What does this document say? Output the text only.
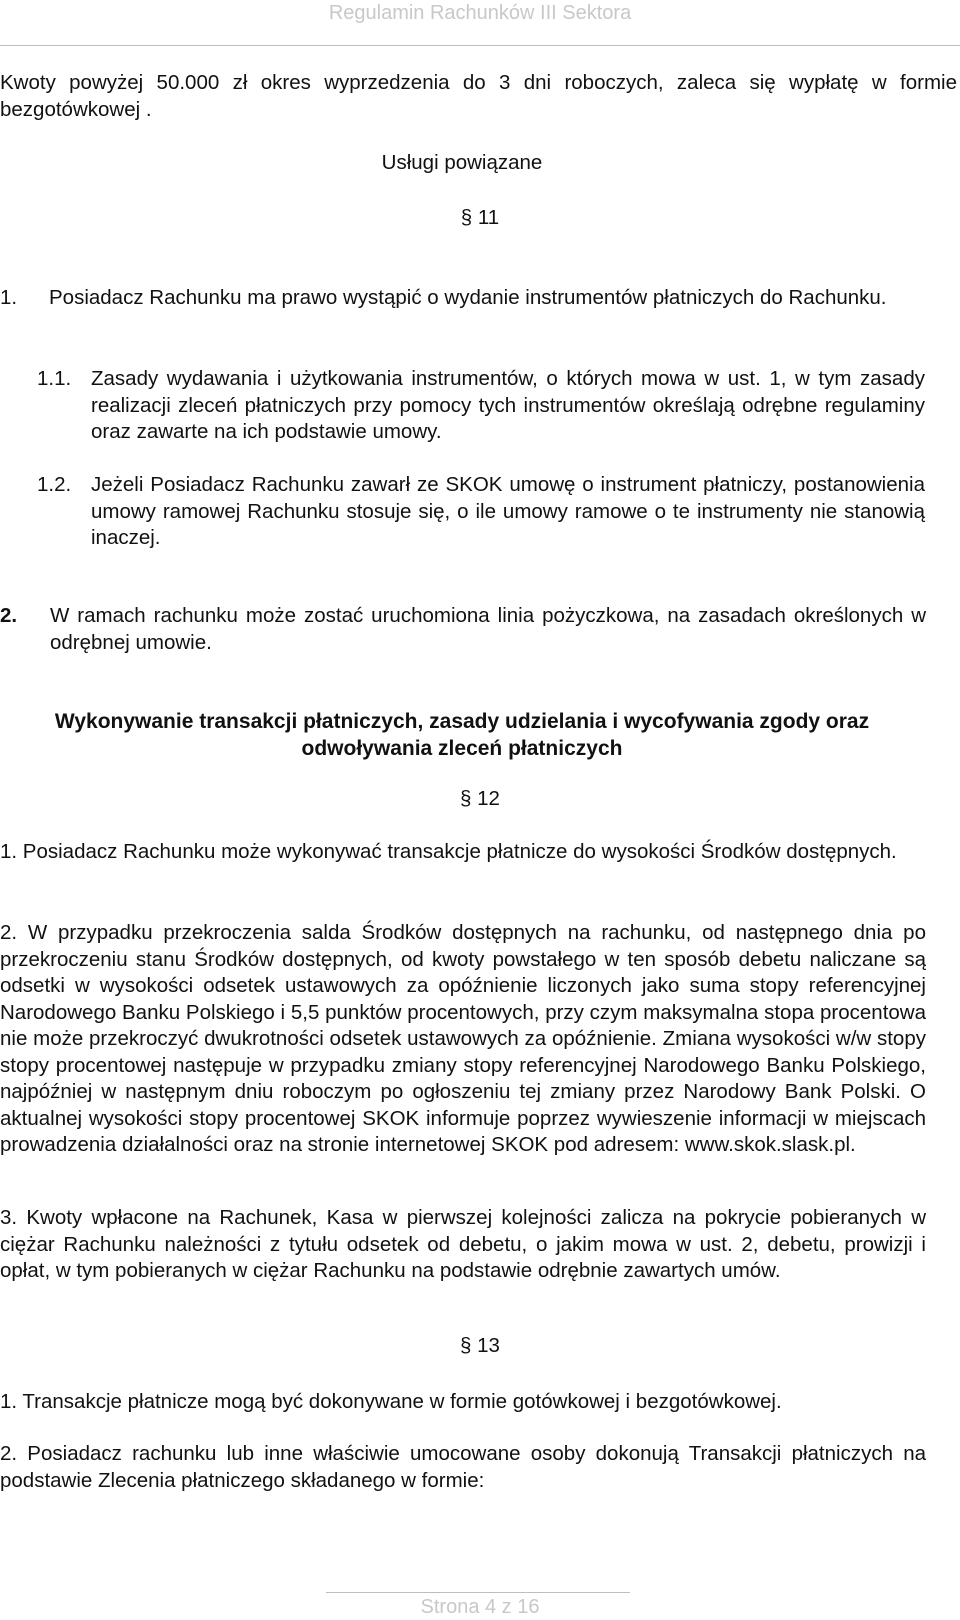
Regulamin Rachunków III Sektora

Kwoty powyżej 50.000 zł okres wyprzedzenia do 3 dni roboczych, zaleca się wypłatę w formie bezgotówkowej .

Usługi powiązane

§ 11

1. Posiadacz Rachunku ma prawo wystąpić o wydanie instrumentów płatniczych do Rachunku.

1.1. Zasady wydawania i użytkowania instrumentów, o których mowa w ust. 1, w tym zasady realizacji zleceń płatniczych przy pomocy tych instrumentów określają odrębne regulaminy oraz zawarte na ich podstawie umowy.

1.2. Jeżeli Posiadacz Rachunku zawarł ze SKOK umowę o instrument płatniczy, postanowienia umowy ramowej Rachunku stosuje się, o ile umowy ramowe o te instrumenty nie stanowią inaczej.

2. W ramach rachunku może zostać uruchomiona linia pożyczkowa, na zasadach określonych w odrębnej umowie.

Wykonywanie transakcji płatniczych, zasady udzielania i wycofywania zgody oraz odwoływania zleceń płatniczych

§ 12

1. Posiadacz Rachunku może wykonywać transakcje płatnicze do wysokości Środków dostępnych.

2. W przypadku przekroczenia salda Środków dostępnych na rachunku, od następnego dnia po przekroczeniu stanu Środków dostępnych, od kwoty powstałego w ten sposób debetu naliczane są odsetki w wysokości odsetek ustawowych za opóźnienie liczonych jako suma stopy referencyjnej Narodowego Banku Polskiego i 5,5 punktów procentowych, przy czym maksymalna stopa procentowa nie może przekroczyć dwukrotności odsetek ustawowych za opóźnienie. Zmiana wysokości w/w stopy stopy procentowej następuje w przypadku zmiany stopy referencyjnej Narodowego Banku Polskiego, najpóźniej w następnym dniu roboczym po ogłoszeniu tej zmiany przez Narodowy Bank Polski. O aktualnej wysokości stopy procentowej SKOK informuje poprzez wywieszenie informacji w miejscach prowadzenia działalności oraz na stronie internetowej SKOK pod adresem: www.skok.slask.pl.

3. Kwoty wpłacone na Rachunek, Kasa w pierwszej kolejności zalicza na pokrycie pobieranych w ciężar Rachunku należności z tytułu odsetek od debetu, o jakim mowa w ust. 2, debetu, prowizji i opłat, w tym pobieranych w ciężar Rachunku na podstawie odrębnie zawartych umów.

§ 13

1. Transakcje płatnicze mogą być dokonywane w formie gotówkowej i bezgotówkowej.

2. Posiadacz rachunku lub inne właściwie umocowane osoby dokonują Transakcji płatniczych na podstawie Zlecenia płatniczego składanego w formie:

Strona 4 z 16
